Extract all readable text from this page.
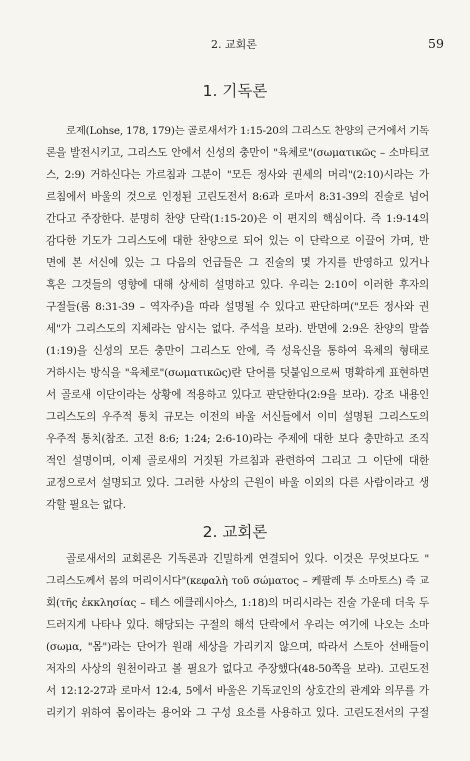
2. 교회론	59
1. 기독론
로제(Lohse, 178, 179)는 골로새서가 1:15-20의 그리스도 찬양의 근거에서 기독
론을 발전시키고, 그리스도 안에서 신성의 충만이 "육체로"(σωματικῶς – 소마티코
스, 2:9) 거하신다는 가르침과 그분이 "모든 정사와 권세의 머리"(2:10)시라는 가
르침에서 바울의 것으로 인정된 고린도전서 8:6과 로마서 8:31-39의 진술로 넘어
간다고 주장한다. 분명히 찬양 단락(1:15-20)은 이 편지의 핵심이다. 즉 1:9-14의
감다한 기도가 그리스도에 대한 찬양으로 되어 있는 이 단락으로 이끌어 가며, 반
면에 본 서신에 있는 그 다음의 언급들은 그 진술의 몇 가지를 반영하고 있거나
혹은 그것들의 영향에 대해 상세히 설명하고 있다. 우리는 2:10이 이러한 후자의
구절들(롬 8:31-39 – 역자주)을 따라 설명될 수 있다고 판단하며("모든 정사와 권
세"가 그리스도의 지체라는 암시는 없다. 주석을 보라). 반면에 2:9은 찬양의 말씀
(1:19)을 신성의 모든 충만이 그리스도 안에, 즉 성육신을 통하여 육체의 형태로
거하시는 방식을 "육체로"(σωματικῶς)란 단어를 덧붙임으로써 명확하게 표현하면
서 골로새 이단이라는 상황에 적용하고 있다고 판단한다(2:9을 보라). 강조 내용인
그리스도의 우주적 통치 규모는 이전의 바울 서신들에서 이미 설명된 그리스도의
우주적 통치(참조. 고전 8:6; 1:24; 2:6-10)라는 주제에 대한 보다 충만하고 조직
적인 설명이며, 이제 골로새의 거짓된 가르침과 관련하여 그리고 그 이단에 대한
교정으로서 설명되고 있다. 그러한 사상의 근원이 바울 이외의 다른 사람이라고 생
각할 필요는 없다.
2. 교회론
골로새서의 교회론은 기독론과 긴밀하게 연결되어 있다. 이것은 무엇보다도 "
그리스도께서 몸의 머리이시다"(κεφαλὴ τοῦ σώματος – 케팔레 투 소마토스) 즉 교
회(τῆς ἐκκλησίας – 테스 에클레시아스, 1:18)의 머리시라는 진술 가운데 더욱 두
드러지게 나타나 있다. 해당되는 구절의 해석 단락에서 우리는 여기에 나오는 소마
(σωμα, "몸")라는 단어가 원래 세상을 가리키지 않으며, 따라서 스토아 선배들이
저자의 사상의 원천이라고 볼 필요가 없다고 주장했다(48-50쪽을 보라). 고린도전
서 12:12-27과 로마서 12:4, 5에서 바울은 기독교인의 상호간의 관계와 의무를 가
리키기 위하여 몸이라는 용어와 그 구성 요소를 사용하고 있다. 고린도전서의 구절
